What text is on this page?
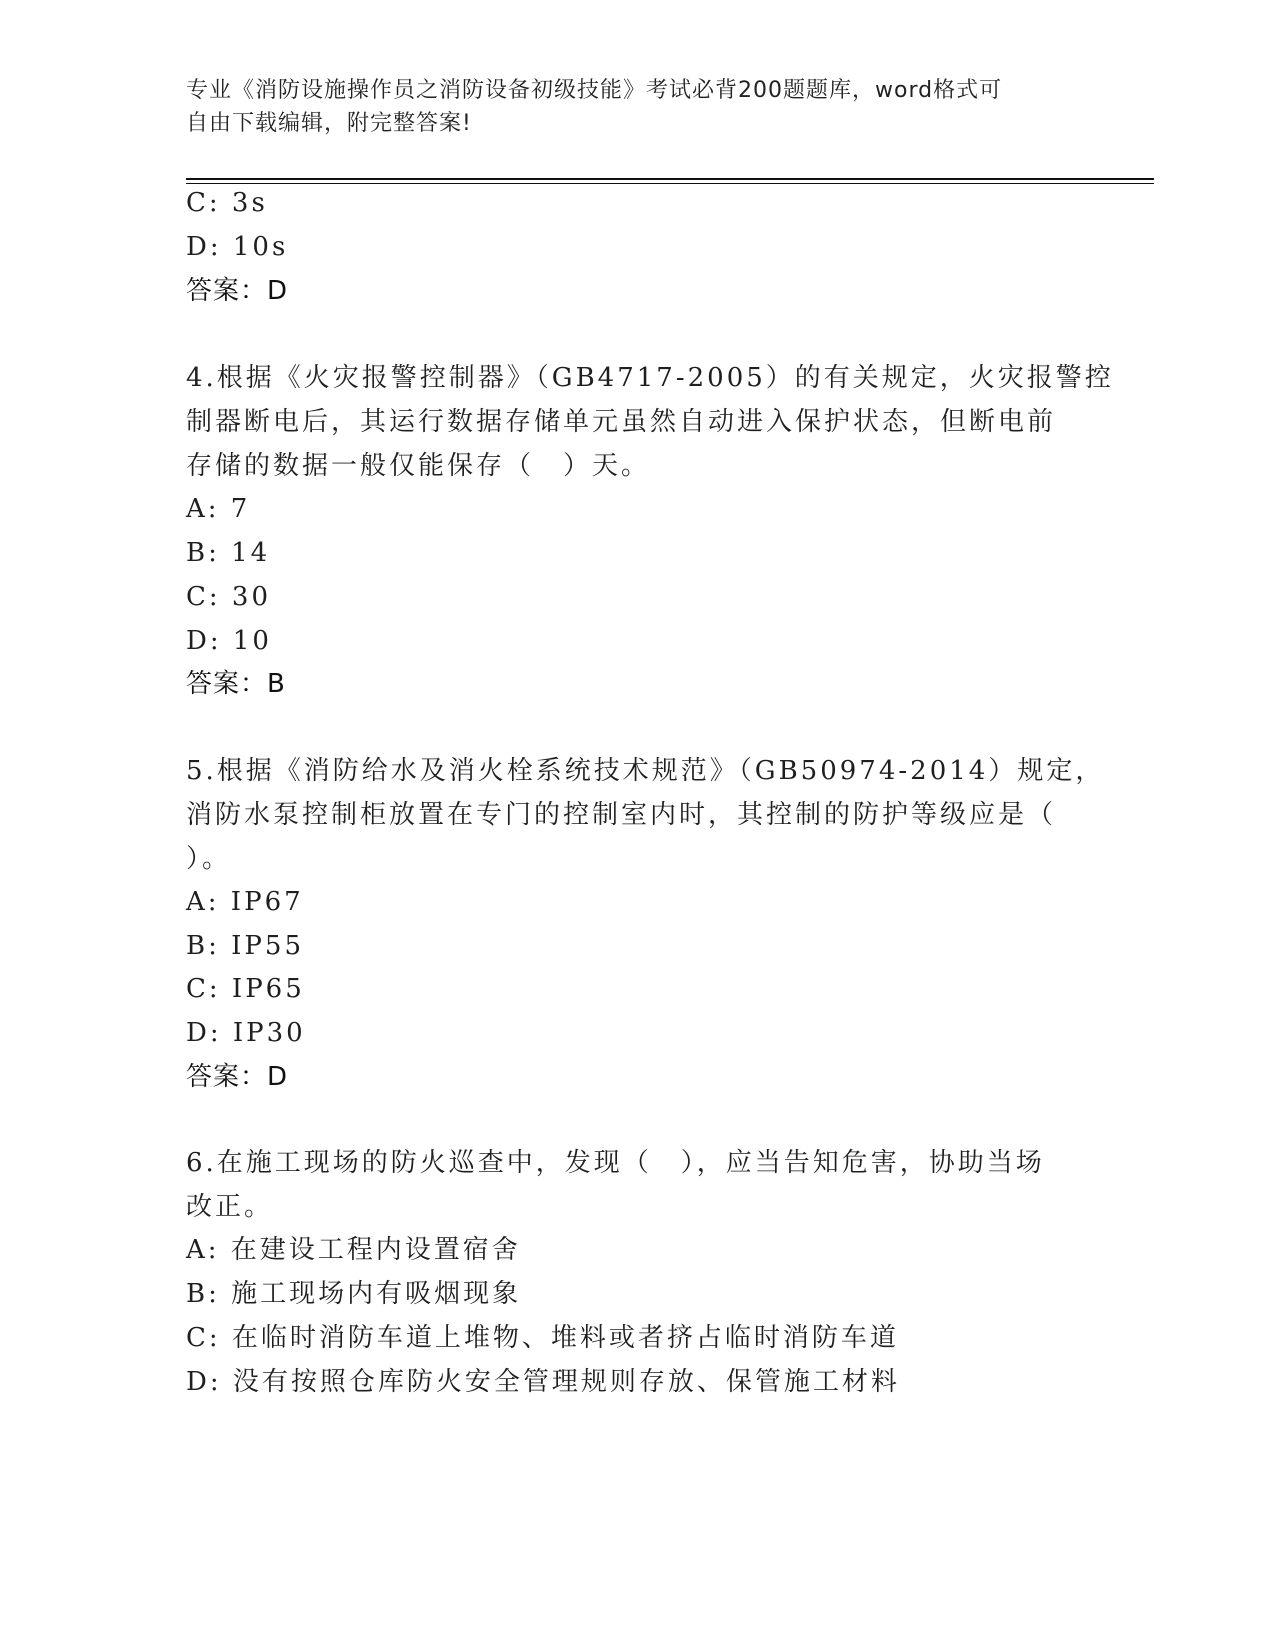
专业《消防设施操作员之消防设备初级技能》考试必背200题题库，word格式可
自由下载编辑，附完整答案!
C: 3s
D: 10s
答案：D
4.根据《火灾报警控制器》（GB4717-2005）的有关规定，火灾报警控
制器断电后，其运行数据存储单元虽然自动进入保护状态，但断电前
存储的数据一般仅能保存（　）天。
A: 7
B: 14
C: 30
D: 10
答案：B
5.根据《消防给水及消火栓系统技术规范》（GB50974-2014）规定，
消防水泵控制柜放置在专门的控制室内时，其控制的防护等级应是（
）。
A: IP67
B: IP55
C: IP65
D: IP30
答案：D
6.在施工现场的防火巡查中，发现（　），应当告知危害，协助当场
改正。
A: 在建设工程内设置宿舍
B: 施工现场内有吸烟现象
C: 在临时消防车道上堆物、堆料或者挤占临时消防车道
D: 没有按照仓库防火安全管理规则存放、保管施工材料
